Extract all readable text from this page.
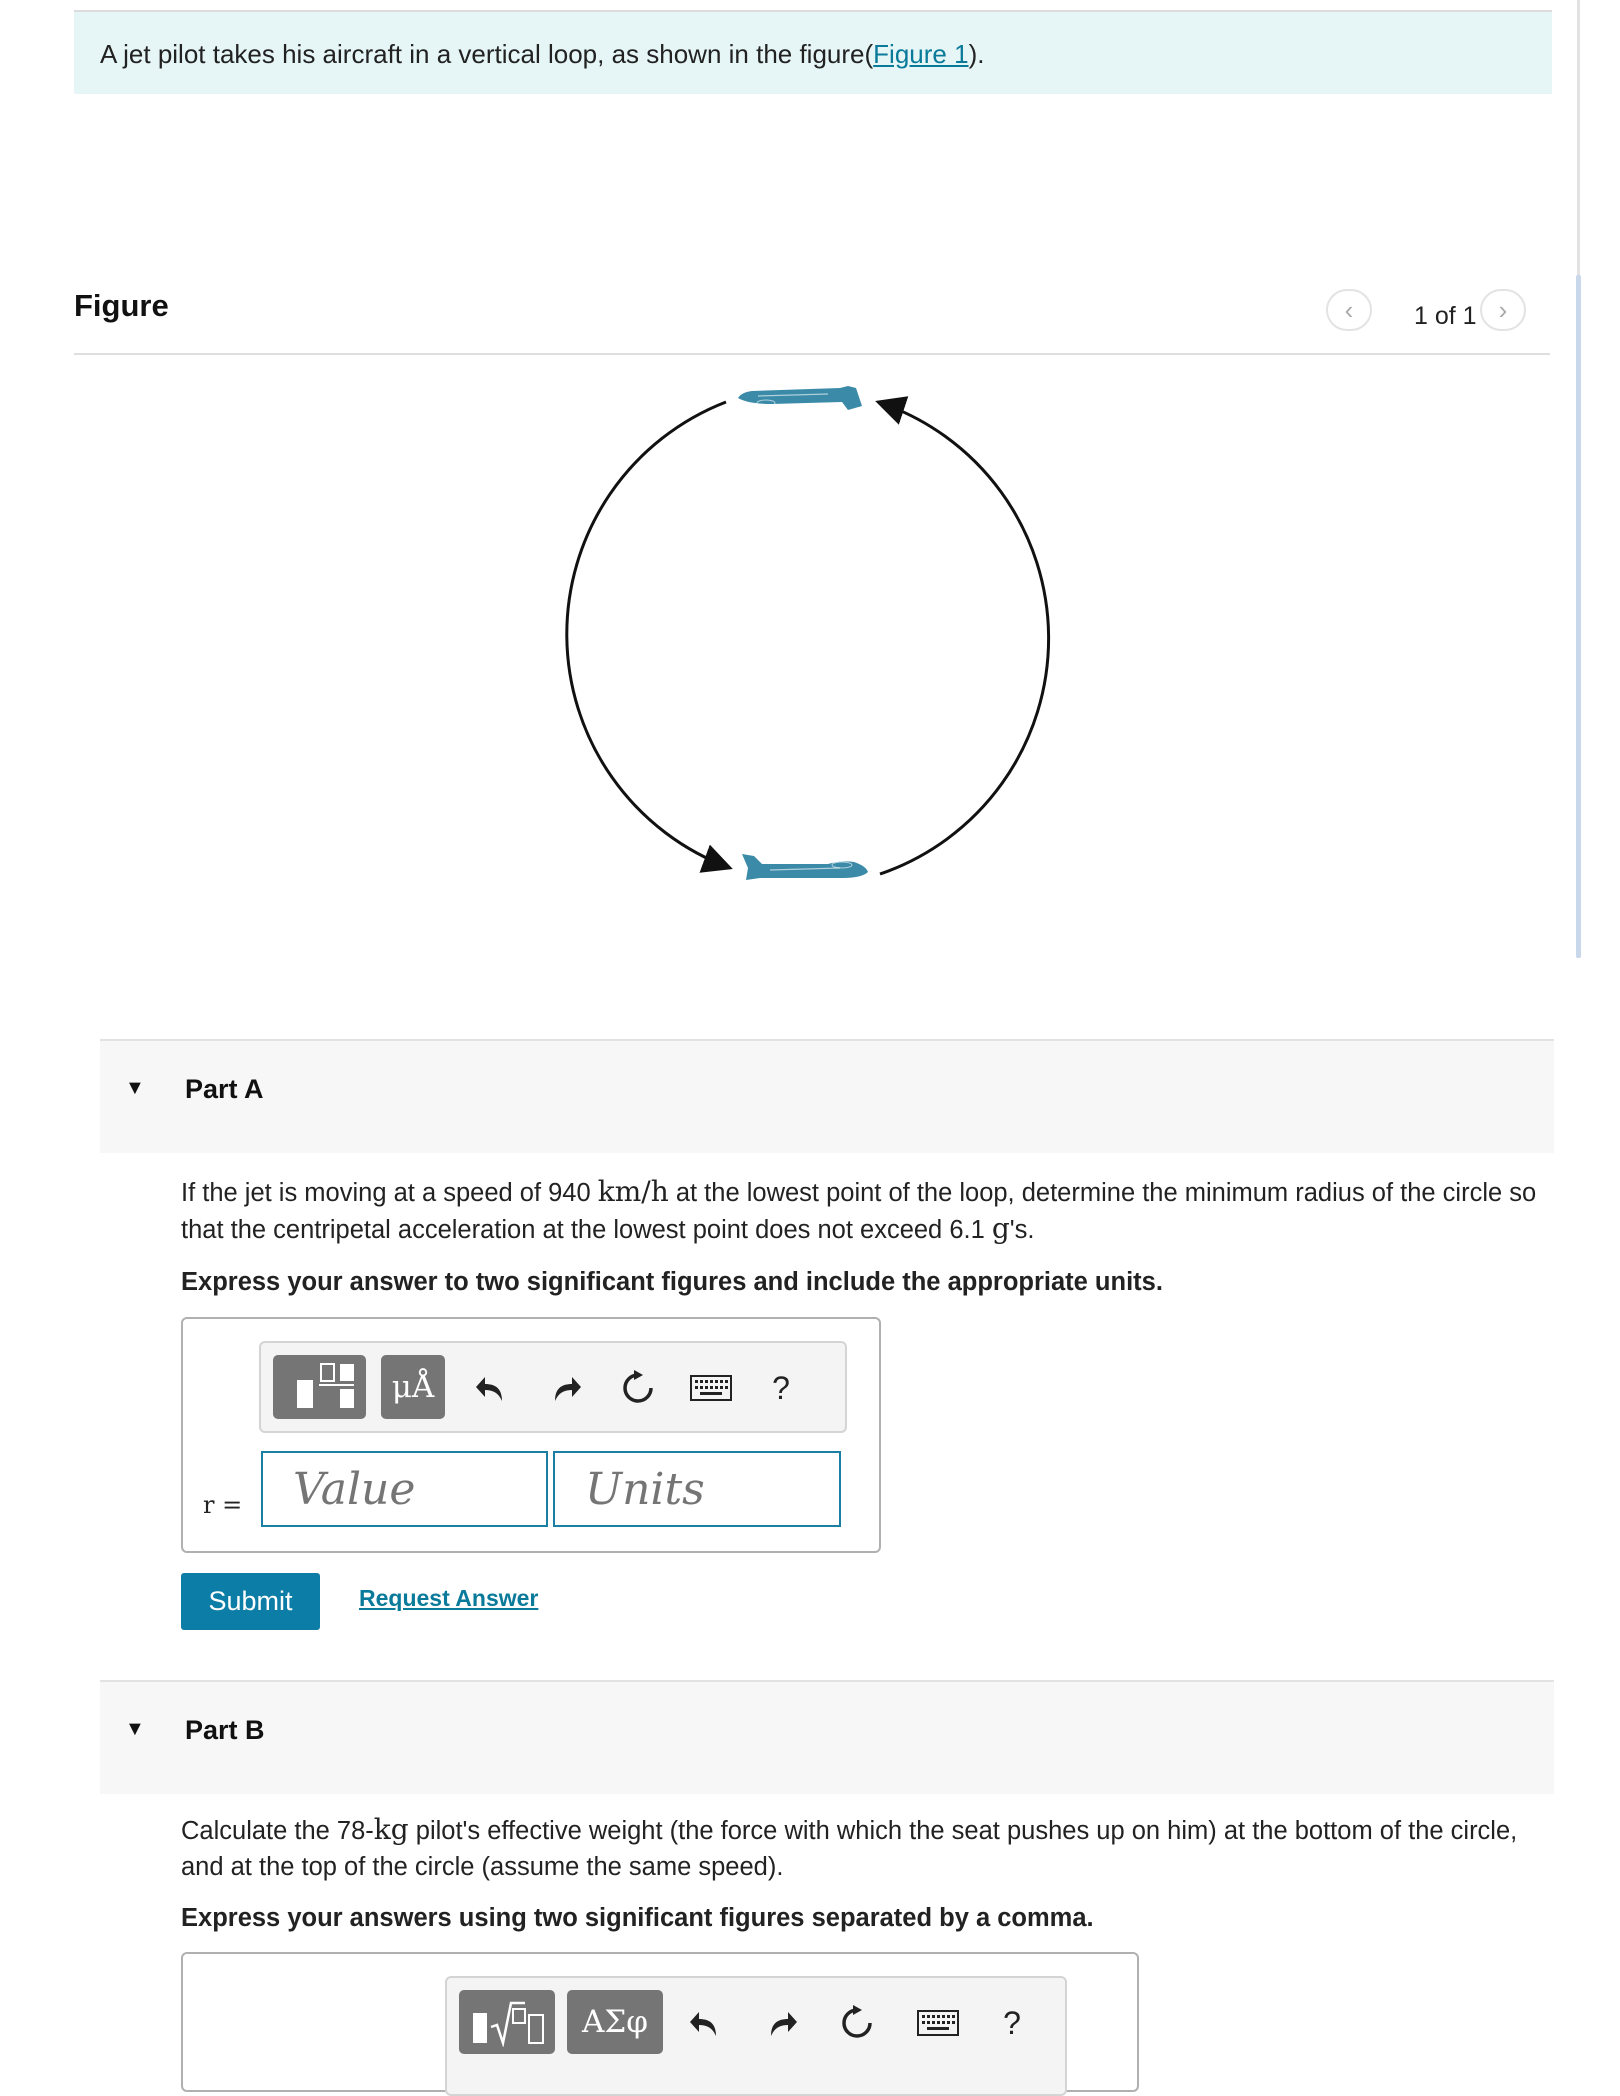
A jet pilot takes his aircraft in a vertical loop, as shown in the figure(Figure 1).
Figure	‹ 1 of 1 ›
▼ Part A
If the jet is moving at a speed of 940 km/h at the lowest point of the loop, determine the minimum radius of the circle so that the centripetal acceleration at the lowest point does not exceed 6.1 g's.
Express your answer to two significant figures and include the appropriate units.
μÅ	?
r =
Value
Units
Submit	Request Answer
▼ Part B
Calculate the 78-kg pilot's effective weight (the force with which the seat pushes up on him) at the bottom of the circle, and at the top of the circle (assume the same speed).
Express your answers using two significant figures separated by a comma.
ΑΣφ	?
